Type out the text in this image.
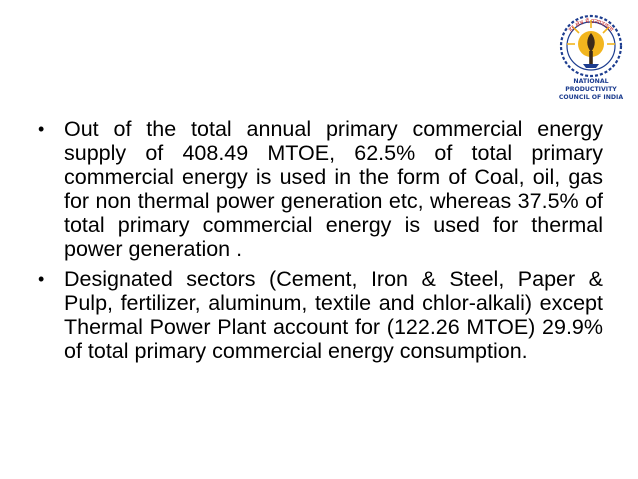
हर क्षेत्र में उत्पादकता
NATIONAL PRODUCTIVITY
COUNCIL OF INDIA
• Out of the total annual primary commercial energy supply of 408.49 MTOE, 62.5% of total primary commercial energy is used in the form of Coal, oil, gas for non thermal power generation etc, whereas 37.5% of total primary commercial energy is used for thermal power generation .
• Designated sectors (Cement, Iron & Steel, Paper & Pulp, fertilizer, aluminum, textile and chlor-alkali) except Thermal Power Plant account for (122.26 MTOE) 29.9% of total primary commercial energy consumption.
